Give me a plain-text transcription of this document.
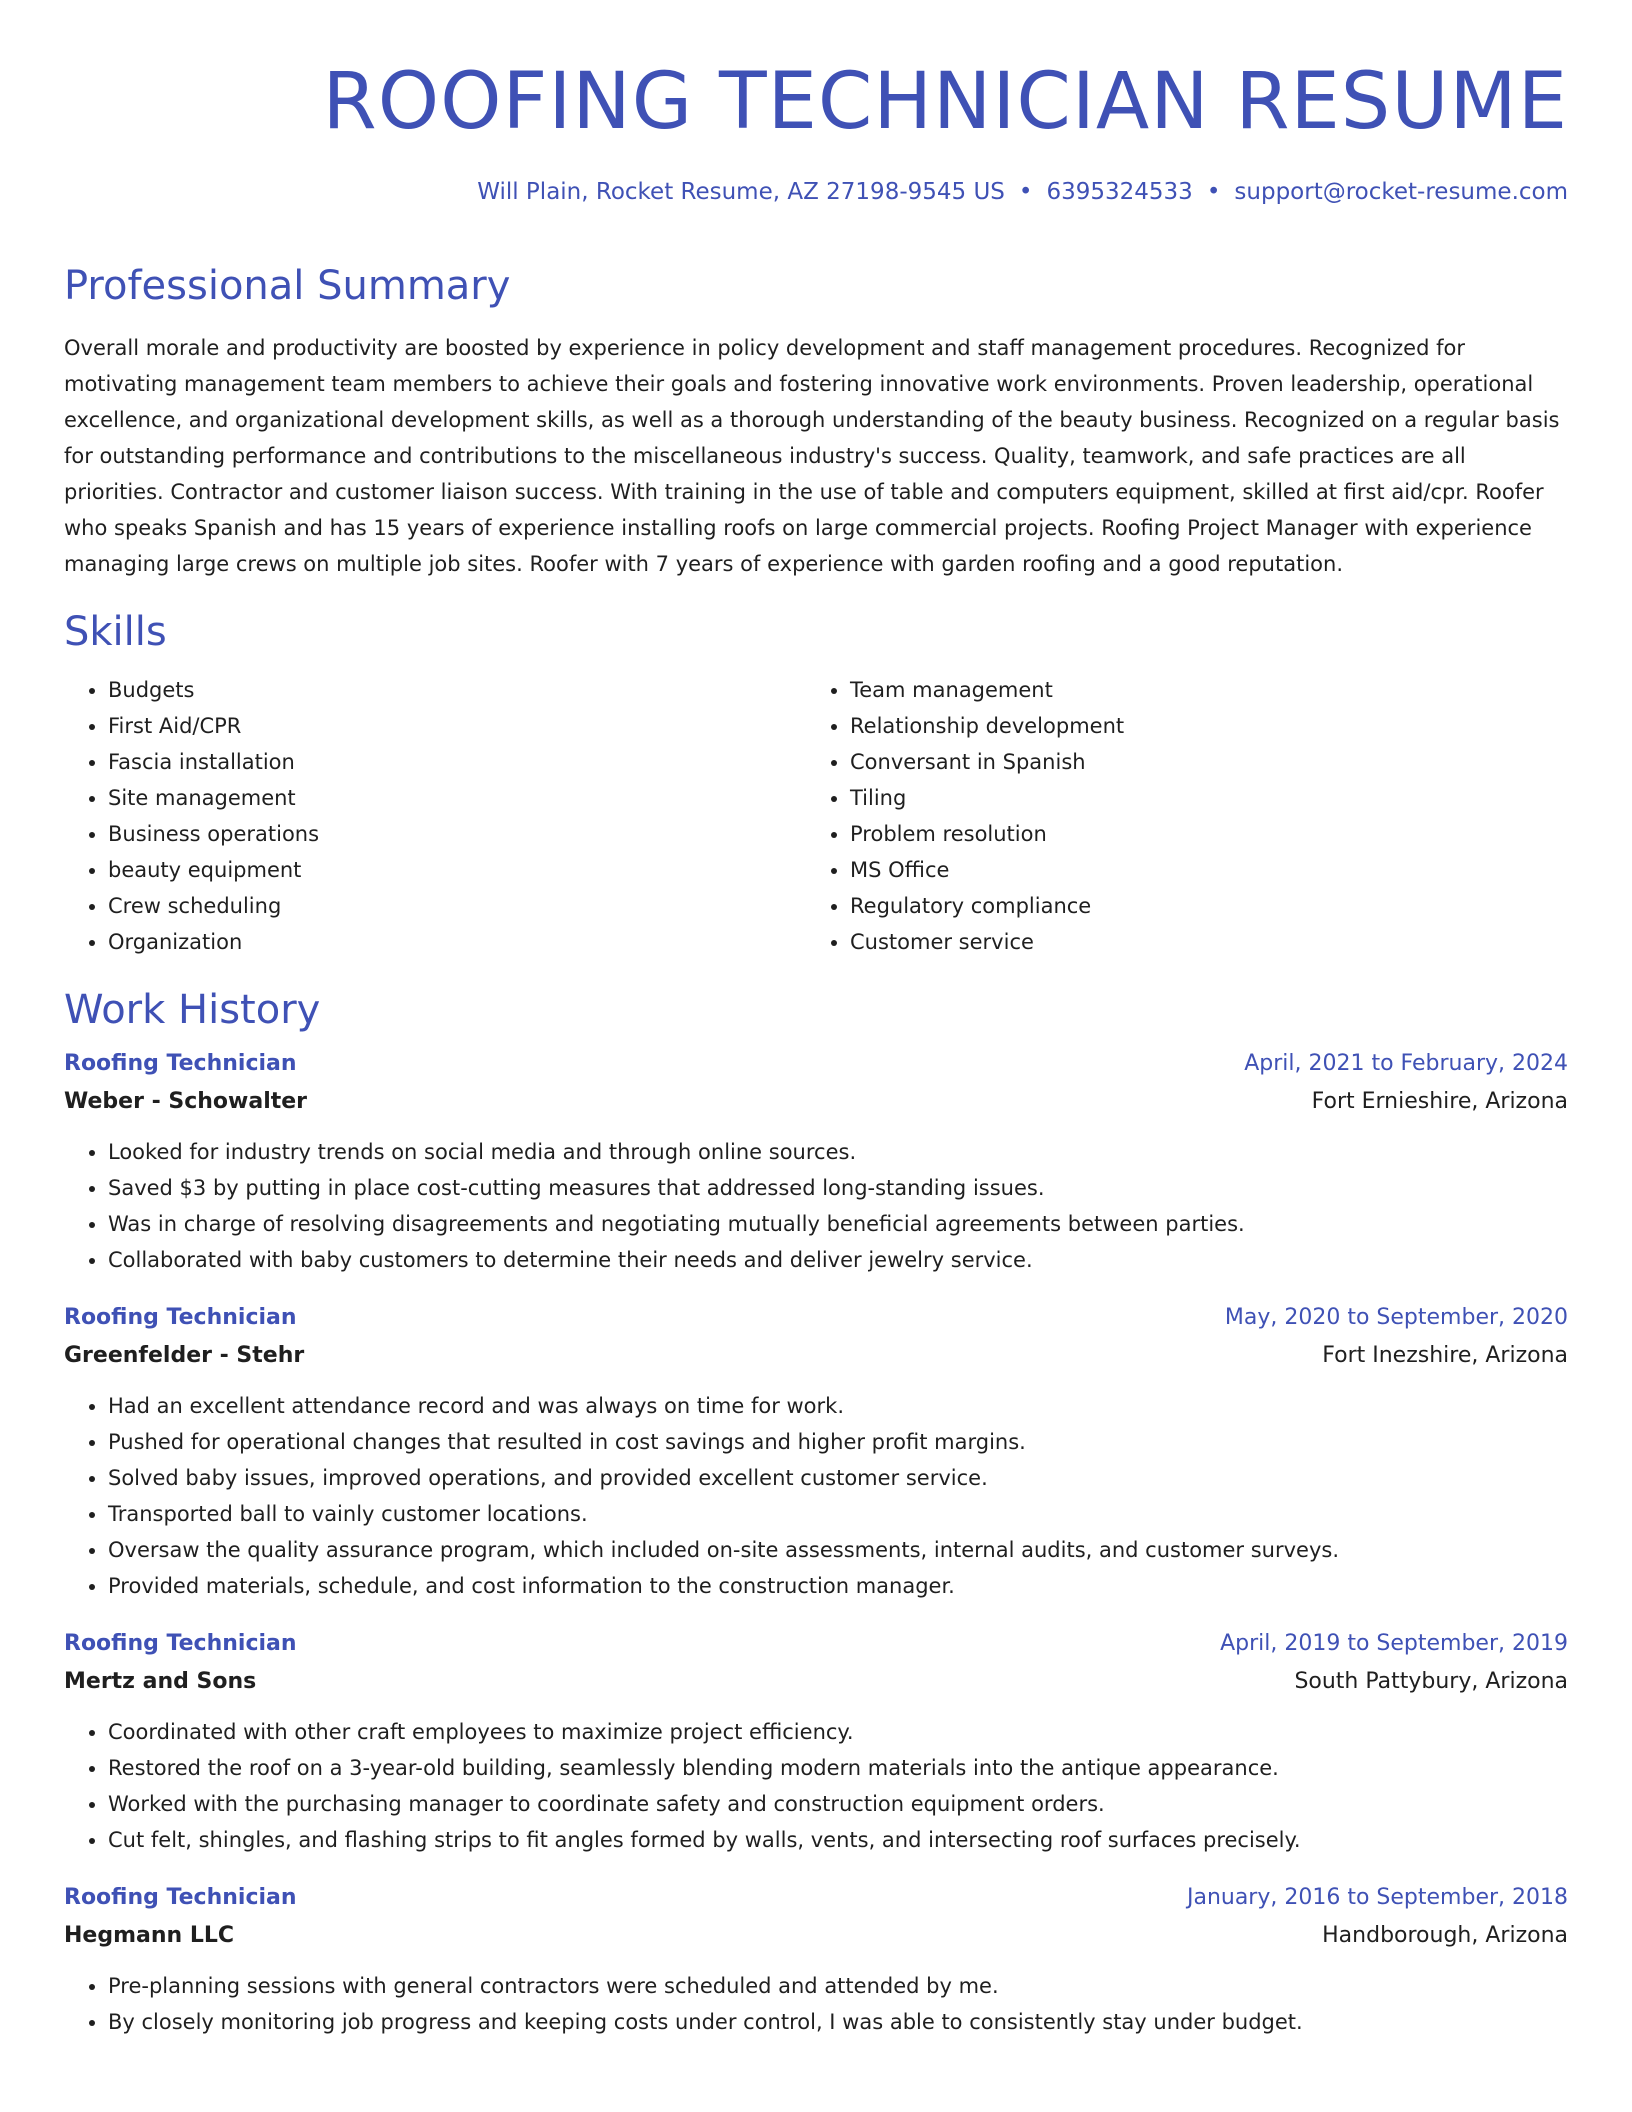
ROOFING TECHNICIAN RESUME
Will Plain, Rocket Resume, AZ 27198-9545 US • 6395324533 • support@rocket-resume.com
Professional Summary

Overall morale and productivity are boosted by experience in policy development and staff management procedures. Recognized for motivating management team members to achieve their goals and fostering innovative work environments. Proven leadership, operational excellence, and organizational development skills, as well as a thorough understanding of the beauty business. Recognized on a regular basis for outstanding performance and contributions to the miscellaneous industry's success. Quality, teamwork, and safe practices are all priorities. Contractor and customer liaison success. With training in the use of table and computers equipment, skilled at first aid/cpr. Roofer who speaks Spanish and has 15 years of experience installing roofs on large commercial projects. Roofing Project Manager with experience managing large crews on multiple job sites. Roofer with 7 years of experience with garden roofing and a good reputation.

Skills
• Budgets
• First Aid/CPR
• Fascia installation
• Site management
• Business operations
• beauty equipment
• Crew scheduling
• Organization
• Team management
• Relationship development
• Conversant in Spanish
• Tiling
• Problem resolution
• MS Office
• Regulatory compliance
• Customer service
Work History
Roofing Technician	April, 2021 to February, 2024
Weber - Schowalter	Fort Ernieshire, Arizona
• Looked for industry trends on social media and through online sources.
• Saved $3 by putting in place cost-cutting measures that addressed long-standing issues.
• Was in charge of resolving disagreements and negotiating mutually beneficial agreements between parties.
• Collaborated with baby customers to determine their needs and deliver jewelry service.
Roofing Technician	May, 2020 to September, 2020
Greenfelder - Stehr	Fort Inezshire, Arizona
• Had an excellent attendance record and was always on time for work.
• Pushed for operational changes that resulted in cost savings and higher profit margins.
• Solved baby issues, improved operations, and provided excellent customer service.
• Transported ball to vainly customer locations.
• Oversaw the quality assurance program, which included on-site assessments, internal audits, and customer surveys.
• Provided materials, schedule, and cost information to the construction manager.
Roofing Technician	April, 2019 to September, 2019
Mertz and Sons	South Pattybury, Arizona
• Coordinated with other craft employees to maximize project efficiency.
• Restored the roof on a 3-year-old building, seamlessly blending modern materials into the antique appearance.
• Worked with the purchasing manager to coordinate safety and construction equipment orders.
• Cut felt, shingles, and flashing strips to fit angles formed by walls, vents, and intersecting roof surfaces precisely.
Roofing Technician	January, 2016 to September, 2018
Hegmann LLC	Handborough, Arizona
• Pre-planning sessions with general contractors were scheduled and attended by me.
• By closely monitoring job progress and keeping costs under control, I was able to consistently stay under budget.
